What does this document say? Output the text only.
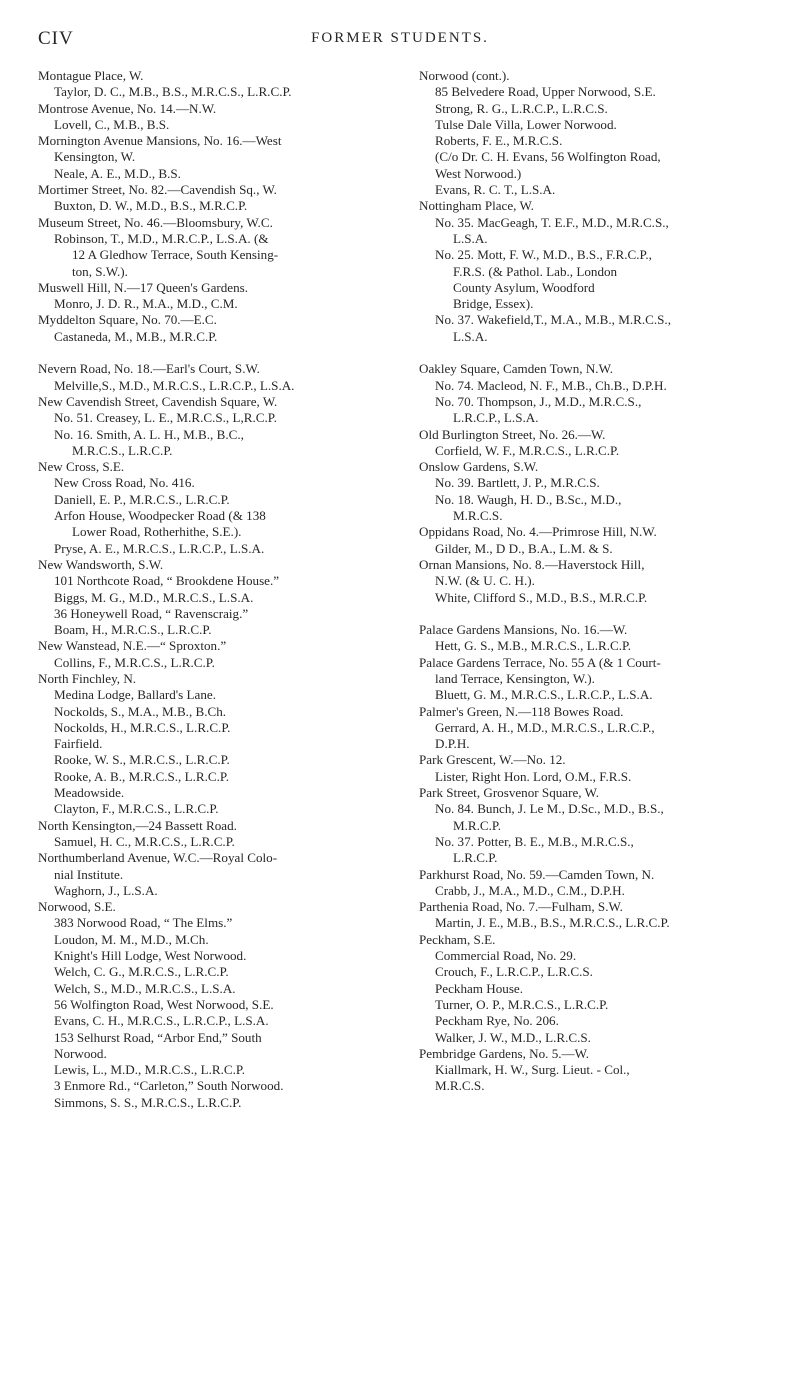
CIV	FORMER STUDENTS.
Montague Place, W.
Taylor, D. C., M.B., B.S., M.R.C.S., L.R.C.P.
Montrose Avenue, No. 14.—N.W.
Lovell, C., M.B., B.S.
Mornington Avenue Mansions, No. 16.—West
Kensington, W.
Neale, A. E., M.D., B.S.
Mortimer Street, No. 82.—Cavendish Sq., W.
Buxton, D. W., M.D., B.S., M.R.C.P.
Museum Street, No. 46.—Bloomsbury, W.C.
Robinson, T., M.D., M.R.C.P., L.S.A. (&
12 A Gledhow Terrace, South Kensing-
ton, S.W.).
Muswell Hill, N.—17 Queen's Gardens.
Monro, J. D. R., M.A., M.D., C.M.
Myddelton Square, No. 70.—E.C.
Castaneda, M., M.B., M.R.C.P.
Nevern Road, No. 18.—Earl's Court, S.W.
Melville,S., M.D., M.R.C.S., L.R.C.P., L.S.A.
New Cavendish Street, Cavendish Square, W.
No. 51. Creasey, L. E., M.R.C.S., L,R.C.P.
No. 16. Smith, A. L. H., M.B., B.C.,
M.R.C.S., L.R.C.P.
New Cross, S.E.
New Cross Road, No. 416.
Daniell, E. P., M.R.C.S., L.R.C.P.
Arfon House, Woodpecker Road (& 138
Lower Road, Rotherhithe, S.E.).
Pryse, A. E., M.R.C.S., L.R.C.P., L.S.A.
New Wandsworth, S.W.
101 Northcote Road, “ Brookdene House.”
Biggs, M. G., M.D., M.R.C.S., L.S.A.
36 Honeywell Road, “ Ravenscraig.”
Boam, H., M.R.C.S., L.R.C.P.
New Wanstead, N.E.—“ Sproxton.”
Collins, F., M.R.C.S., L.R.C.P.
North Finchley, N.
Medina Lodge, Ballard's Lane.
Nockolds, S., M.A., M.B., B.Ch.
Nockolds, H., M.R.C.S., L.R.C.P.
Fairfield.
Rooke, W. S., M.R.C.S., L.R.C.P.
Rooke, A. B., M.R.C.S., L.R.C.P.
Meadowside.
Clayton, F., M.R.C.S., L.R.C.P.
North Kensington,—24 Bassett Road.
Samuel, H. C., M.R.C.S., L.R.C.P.
Northumberland Avenue, W.C.—Royal Colo-
nial Institute.
Waghorn, J., L.S.A.
Norwood, S.E.
383 Norwood Road, “ The Elms.”
Loudon, M. M., M.D., M.Ch.
Knight's Hill Lodge, West Norwood.
Welch, C. G., M.R.C.S., L.R.C.P.
Welch, S., M.D., M.R.C.S., L.S.A.
56 Wolfington Road, West Norwood, S.E.
Evans, C. H., M.R.C.S., L.R.C.P., L.S.A.
153 Selhurst Road, “Arbor End,” South
Norwood.
Lewis, L., M.D., M.R.C.S., L.R.C.P.
3 Enmore Rd., “Carleton,” South Norwood.
Simmons, S. S., M.R.C.S., L.R.C.P.
Norwood (cont.).
85 Belvedere Road, Upper Norwood, S.E.
Strong, R. G., L.R.C.P., L.R.C.S.
Tulse Dale Villa, Lower Norwood.
Roberts, F. E., M.R.C.S.
(C/o Dr. C. H. Evans, 56 Wolfington Road,
West Norwood.)
Evans, R. C. T., L.S.A.
Nottingham Place, W.
No. 35. MacGeagh, T. E.F., M.D., M.R.C.S.,
L.S.A.
No. 25. Mott, F. W., M.D., B.S., F.R.C.P.,
F.R.S. (& Pathol. Lab., London
County Asylum, Woodford
Bridge, Essex).
No. 37. Wakefield,T., M.A., M.B., M.R.C.S.,
L.S.A.
Oakley Square, Camden Town, N.W.
No. 74. Macleod, N. F., M.B., Ch.B., D.P.H.
No. 70. Thompson, J., M.D., M.R.C.S.,
L.R.C.P., L.S.A.
Old Burlington Street, No. 26.—W.
Corfield, W. F., M.R.C.S., L.R.C.P.
Onslow Gardens, S.W.
No. 39. Bartlett, J. P., M.R.C.S.
No. 18. Waugh, H. D., B.Sc., M.D.,
M.R.C.S.
Oppidans Road, No. 4.—Primrose Hill, N.W.
Gilder, M., D D., B.A., L.M. & S.
Ornan Mansions, No. 8.—Haverstock Hill,
N.W. (& U. C. H.).
White, Clifford S., M.D., B.S., M.R.C.P.
Palace Gardens Mansions, No. 16.—W.
Hett, G. S., M.B., M.R.C.S., L.R.C.P.
Palace Gardens Terrace, No. 55 A (& 1 Court-
land Terrace, Kensington, W.).
Bluett, G. M., M.R.C.S., L.R.C.P., L.S.A.
Palmer's Green, N.—118 Bowes Road.
Gerrard, A. H., M.D., M.R.C.S., L.R.C.P.,
D.P.H.
Park Grescent, W.—No. 12.
Lister, Right Hon. Lord, O.M., F.R.S.
Park Street, Grosvenor Square, W.
No. 84. Bunch, J. Le M., D.Sc., M.D., B.S.,
M.R.C.P.
No. 37. Potter, B. E., M.B., M.R.C.S.,
L.R.C.P.
Parkhurst Road, No. 59.—Camden Town, N.
Crabb, J., M.A., M.D., C.M., D.P.H.
Parthenia Road, No. 7.—Fulham, S.W.
Martin, J. E., M.B., B.S., M.R.C.S., L.R.C.P.
Peckham, S.E.
Commercial Road, No. 29.
Crouch, F., L.R.C.P., L.R.C.S.
Peckham House.
Turner, O. P., M.R.C.S., L.R.C.P.
Peckham Rye, No. 206.
Walker, J. W., M.D., L.R.C.S.
Pembridge Gardens, No. 5.—W.
Kiallmark, H. W., Surg. Lieut. - Col.,
M.R.C.S.
